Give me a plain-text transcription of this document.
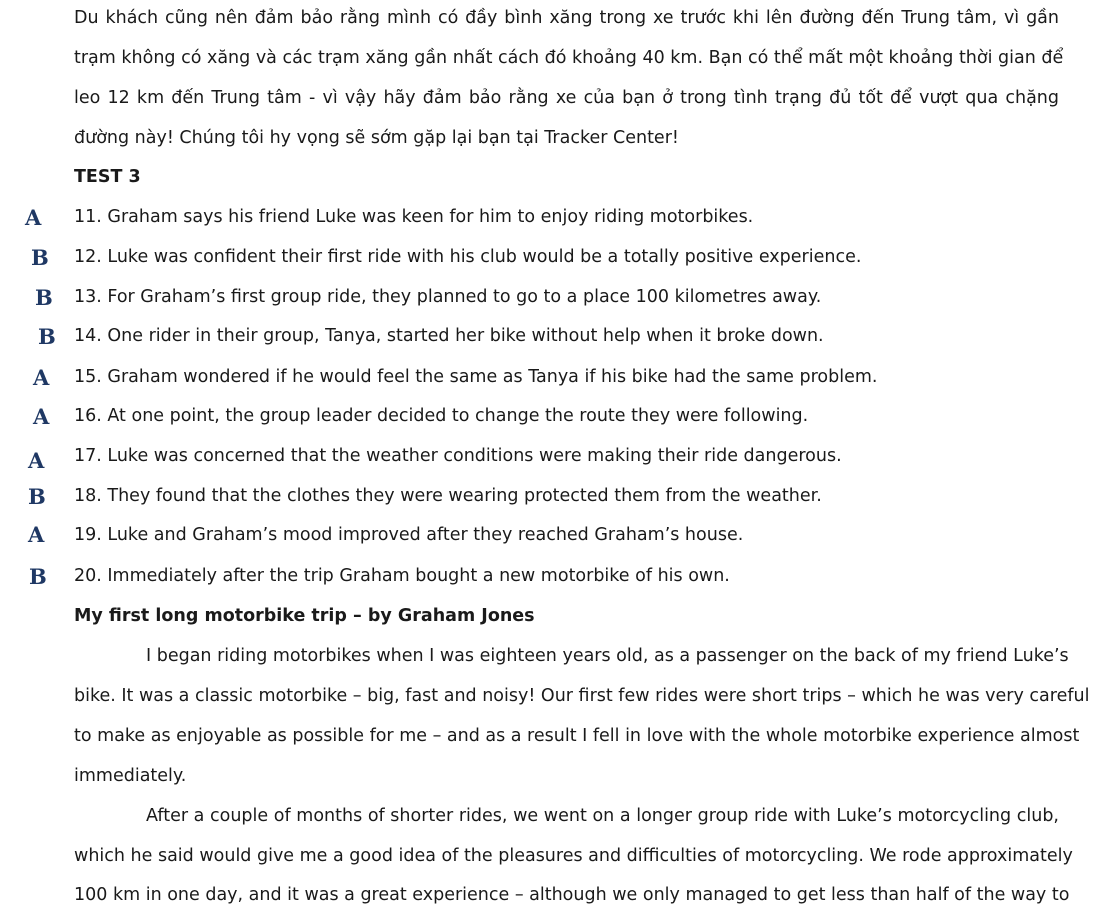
Du khách cũng nên đảm bảo rằng mình có đầy bình xăng trong xe trước khi lên đường đến Trung tâm, vì gần
trạm không có xăng và các trạm xăng gần nhất cách đó khoảng 40 km. Bạn có thể mất một khoảng thời gian để
leo 12 km đến Trung tâm - vì vậy hãy đảm bảo rằng xe của bạn ở trong tình trạng đủ tốt để vượt qua chặng
đường này! Chúng tôi hy vọng sẽ sớm gặp lại bạn tại Tracker Center!
TEST 3
A 11. Graham says his friend Luke was keen for him to enjoy riding motorbikes.
B 12. Luke was confident their first ride with his club would be a totally positive experience.
B 13. For Graham’s first group ride, they planned to go to a place 100 kilometres away.
B 14. One rider in their group, Tanya, started her bike without help when it broke down.
A 15. Graham wondered if he would feel the same as Tanya if his bike had the same problem.
A 16. At one point, the group leader decided to change the route they were following.
A 17. Luke was concerned that the weather conditions were making their ride dangerous.
B 18. They found that the clothes they were wearing protected them from the weather.
A 19. Luke and Graham’s mood improved after they reached Graham’s house.
B 20. Immediately after the trip Graham bought a new motorbike of his own.
My first long motorbike trip – by Graham Jones
I began riding motorbikes when I was eighteen years old, as a passenger on the back of my friend Luke’s
bike. It was a classic motorbike – big, fast and noisy! Our first few rides were short trips – which he was very careful
to make as enjoyable as possible for me – and as a result I fell in love with the whole motorbike experience almost
immediately.
After a couple of months of shorter rides, we went on a longer group ride with Luke’s motorcycling club,
which he said would give me a good idea of the pleasures and difficulties of motorcycling. We rode approximately
100 km in one day, and it was a great experience – although we only managed to get less than half of the way to
